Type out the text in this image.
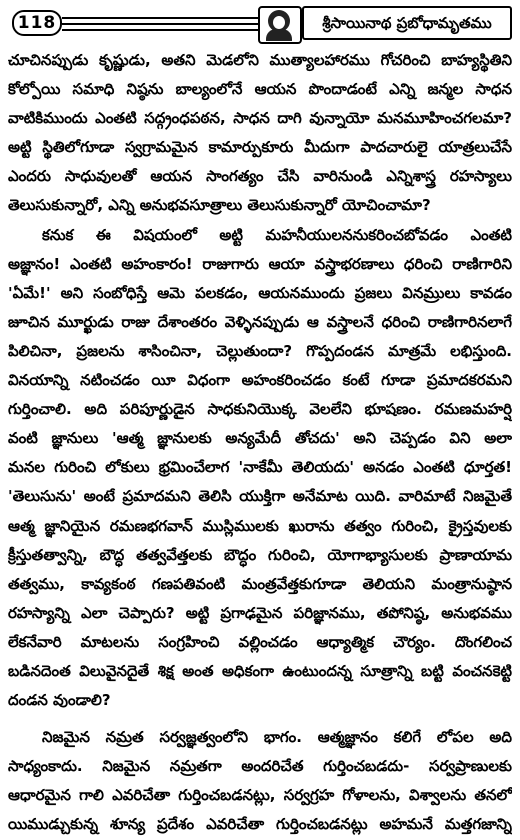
118	శ్రీసాయినాథ ప్రబోధామృతము
చూచినప్పుడు కృష్ణుడు, అతని మెడలోని ముత్యాలహారము గోచరించి బాహ్యస్థితిని
కోల్పోయి సమాధి నిష్ఠను బాల్యంలోనే ఆయన పొందాడంటే ఎన్ని జన్మల సాధన
వాటికిముందు ఎంతటి సద్గ్రంధపఠన, సాధన దాగి వున్నాయో మనమూహించగలమా?
అట్టి స్థితిలోగూడా స్వగ్రామమైన కామార్పుకూరు మీదుగా పాదచారులై యాత్రలుచేసే
ఎందరు సాధువులతో ఆయన సాంగత్యం చేసి వారినుండి ఎన్నిశాస్త్ర రహస్యాలు
తెలుసుకున్నారో, ఎన్ని అనుభవసూత్రాలు తెలుసుకున్నారో యోచించామా?
కనుక ఈ విషయంలో అట్టి మహనీయులననుకరించబోవడం ఎంతటి
అజ్ఞానం! ఎంతటి అహంకారం! రాజుగారు ఆయా వస్త్రాభరణాలు ధరించి రాణిగారిని
'ఏమే!' అని సంబోధిస్తే ఆమె పలకడం, ఆయనముందు ప్రజలు వినమ్రులు కావడం
జూచిన మూర్ఖుడు రాజు దేశాంతరం వెళ్ళినప్పుడు ఆ వస్త్రాలనే ధరించి రాణిగారినలాగే
పిలిచినా, ప్రజలను శాసించినా, చెల్లుతుందా? గొప్పదండన మాత్రమే లభిస్తుంది.
వినయాన్ని నటించడం యీ విధంగా అహంకరించడం కంటే గూడా ప్రమాదకరమని
గుర్తించాలి. అది పరిపూర్ణుడైన సాధకునియొక్క వెలలేని భూషణం. రమణమహర్షి
వంటి జ్ఞానులు 'ఆత్మ జ్ఞానులకు అన్యమేదీ తోచదు' అని చెప్పడం విని అలా
మనల గురించి లోకులు భ్రమించేలాగ 'నాకేమీ తెలియదు' అనడం ఎంతటి ధూర్తత!
'తెలుసును' అంటే ప్రమాదమని తెలిసి యుక్తిగా అనేమాట యిది. వారిమాటే నిజమైతే
ఆత్మ జ్ఞానియైన రమణభగవాన్ ముస్లిములకు ఖురాను తత్వం గురించి, క్రైస్తవులకు
క్రీస్తుతత్వాన్ని, బౌద్ధ తత్వవేత్తలకు బౌద్ధం గురించి, యోగాభ్యాసులకు ప్రాణాయామ
తత్వము, కావ్యకంఠ గణపతివంటి మంత్రవేత్తకుగూడా తెలియని మంత్రానుష్ఠాన
రహస్యాన్ని ఎలా చెప్పారు? అట్టి ప్రగాఢమైన పరిజ్ఞానము, తపోనిష్ఠ, అనుభవము
లేకనేవారి మాటలను సంగ్రహించి వల్లించడం ఆధ్యాత్మిక చౌర్యం. దొంగలించ
బడినదెంత విలువైనదైతే శిక్ష అంత అధికంగా ఉంటుందన్న సూత్రాన్ని బట్టి వంచనకెట్టి
దండన వుండాలి?
నిజమైన నమ్రత సర్వజ్ఞత్వంలోని భాగం. ఆత్మజ్ఞానం కలిగే లోపల అది
సాధ్యంకాదు. నిజమైన నమ్రతగా అందరిచేత గుర్తించబడదు- సర్వప్రాణులకు
ఆధారమైన గాలి ఎవరిచేతా గుర్తించబడనట్లు, సర్వగ్రహ గోళాలను, విశ్వాలను తనలో
యిముడ్చుకున్న శూన్య ప్రదేశం ఎవరిచేతా గుర్తించబడనట్లు అహమనే మత్తగజాన్ని
